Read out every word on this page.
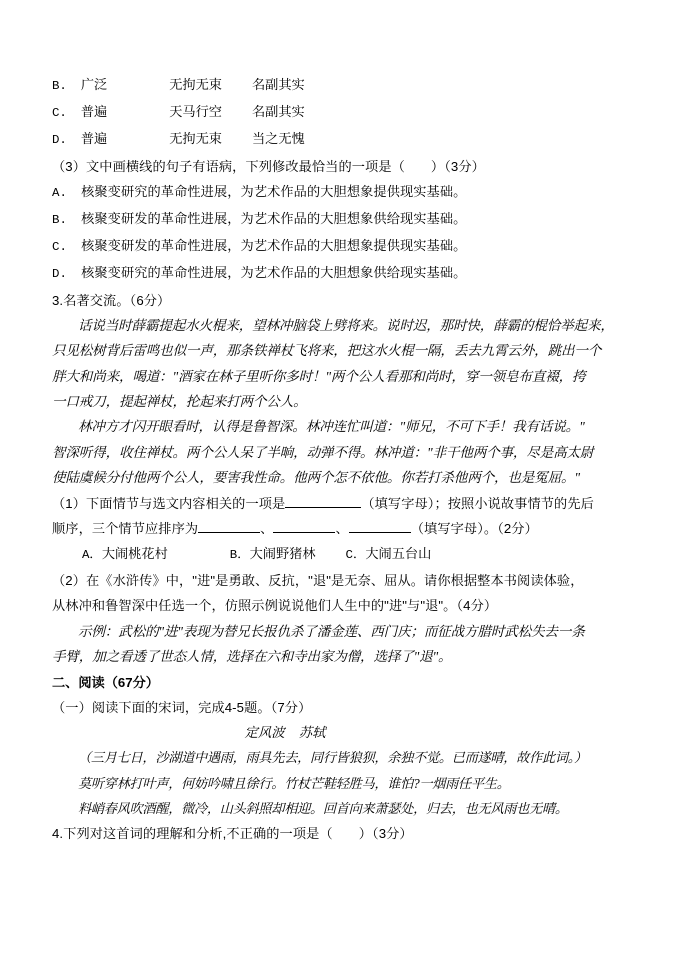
B. 广泛	无拘无束 名副其实
C. 普遍	天马行空 名副其实
D. 普遍	无拘无束 当之无愧
（3）文中画横线的句子有语病，下列修改最恰当的一项是（ ）（3分）
A. 核聚变研究的革命性进展，为艺术作品的大胆想象提供现实基础。
B. 核聚变研发的革命性进展，为艺术作品的大胆想象供给现实基础。
C. 核聚变研发的革命性进展，为艺术作品的大胆想象提供现实基础。
D. 核聚变研究的革命性进展，为艺术作品的大胆想象供给现实基础。
3.名著交流。（6分）
话说当时薛霸提起水火棍来，望林冲脑袋上劈将来。说时迟，那时快，薛霸的棍恰举起来，
只见松树背后雷鸣也似一声，那条铁禅杖飞将来，把这水火棍一隔，丢去九霄云外，跳出一个
胖大和尚来，喝道："酒家在林子里听你多时！"两个公人看那和尚时，穿一领皂布直裰，挎
一口戒刀，提起禅杖，抡起来打两个公人。
林冲方才闪开眼看时，认得是鲁智深。林冲连忙叫道："师兄，不可下手！我有话说。"
智深听得，收住禅杖。两个公人呆了半晌，动弹不得。林冲道："非干他两个事，尽是高太尉
使陆虞候分付他两个公人，要害我性命。他两个怎不依他。你若打杀他两个，也是冤屈。"
（1）下面情节与选文内容相关的一项是	（填写字母）；按照小说故事情节的先后
顺序，三个情节应排序为	、	、	（填写字母）。（2分）
A．大闹桃花村	B．大闹野猪林 C．大闹五台山
（2）在《水浒传》中，"进"是勇敢、反抗，"退"是无奈、屈从。请你根据整本书阅读体验，
从林冲和鲁智深中任选一个，仿照示例说说他们人生中的"进"与"退"。（4分）
示例：武松的"进"表现为替兄长报仇杀了潘金莲、西门庆；而征战方腊时武松失去一条
手臂，加之看透了世态人情，选择在六和寺出家为僧，选择了"退"。
二、阅读（67分）
（一）阅读下面的宋词，完成4-5题。（7分）
定风波 苏轼
（三月七日，沙湖道中遇雨，雨具先去，同行皆狼狈，余独不觉。已而遂晴，故作此词。）
莫听穿林打叶声，何妨吟啸且徐行。竹杖芒鞋轻胜马，谁怕?一烟雨任平生。
料峭春风吹酒醒，微冷，山头斜照却相迎。回首向来萧瑟处，归去，也无风雨也无晴。
4.下列对这首词的理解和分析,不正确的一项是（ ）（3分）
